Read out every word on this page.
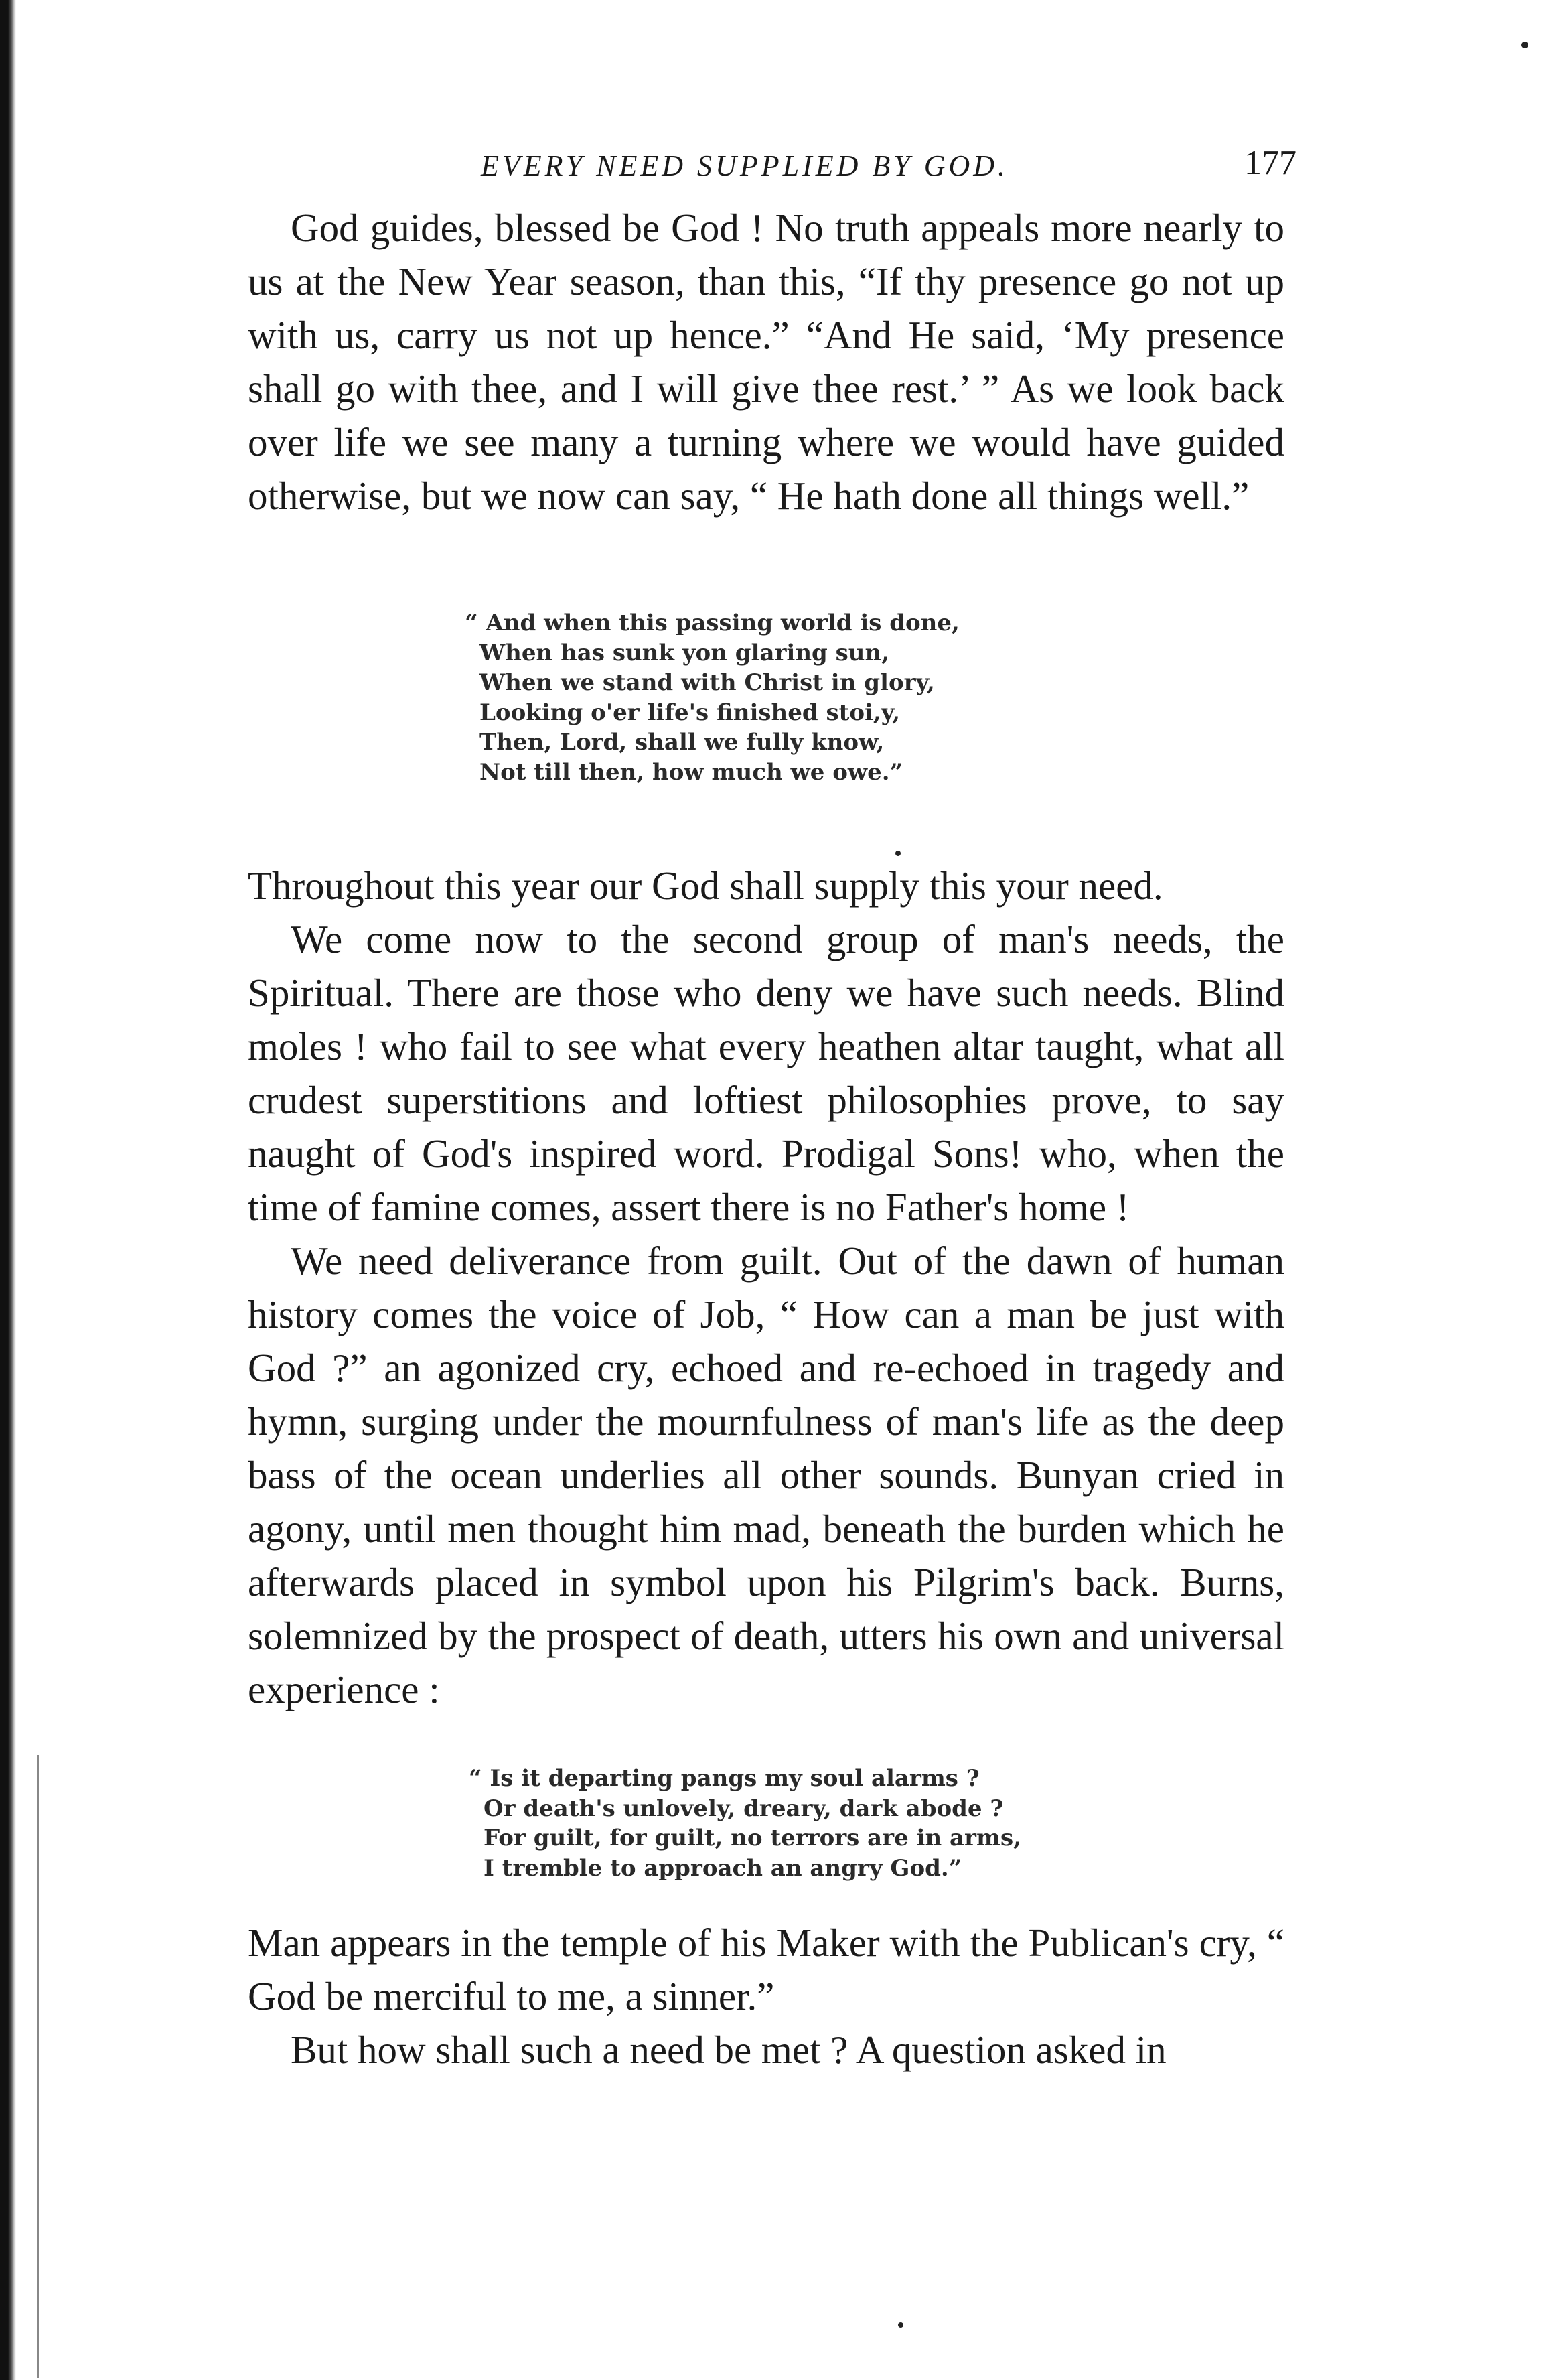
EVERY NEED SUPPLIED BY GOD.	177

God guides, blessed be God ! No truth appeals more nearly to us at the New Year season, than this, “If thy presence go not up with us, carry us not up hence.” “And He said, ‘My presence shall go with thee, and I will give thee rest.’ ” As we look back over life we see many a turning where we would have guided otherwise, but we now can say, “ He hath done all things well.”

“ And when this passing world is done,
When has sunk yon glaring sun,
When we stand with Christ in glory,
Looking o'er life's finished stoi,y,
Then, Lord, shall we fully know,
Not till then, how much we owe.”

Throughout this year our God shall supply this your need.

We come now to the second group of man's needs, the Spiritual. There are those who deny we have such needs. Blind moles ! who fail to see what every heathen altar taught, what all crudest superstitions and loftiest philosophies prove, to say naught of God's inspired word. Prodigal Sons! who, when the time of famine comes, assert there is no Father's home !

We need deliverance from guilt. Out of the dawn of human history comes the voice of Job, “ How can a man be just with God ?” an agonized cry, echoed and re-echoed in tragedy and hymn, surging under the mournfulness of man's life as the deep bass of the ocean underlies all other sounds. Bunyan cried in agony, until men thought him mad, beneath the burden which he afterwards placed in symbol upon his Pilgrim's back. Burns, solemnized by the prospect of death, utters his own and universal experience :

“ Is it departing pangs my soul alarms ?
Or death's unlovely, dreary, dark abode ?
For guilt, for guilt, no terrors are in arms,
I tremble to approach an angry God.”

Man appears in the temple of his Maker with the Publican's cry, “ God be merciful to me, a sinner.”

But how shall such a need be met ? A question asked in
